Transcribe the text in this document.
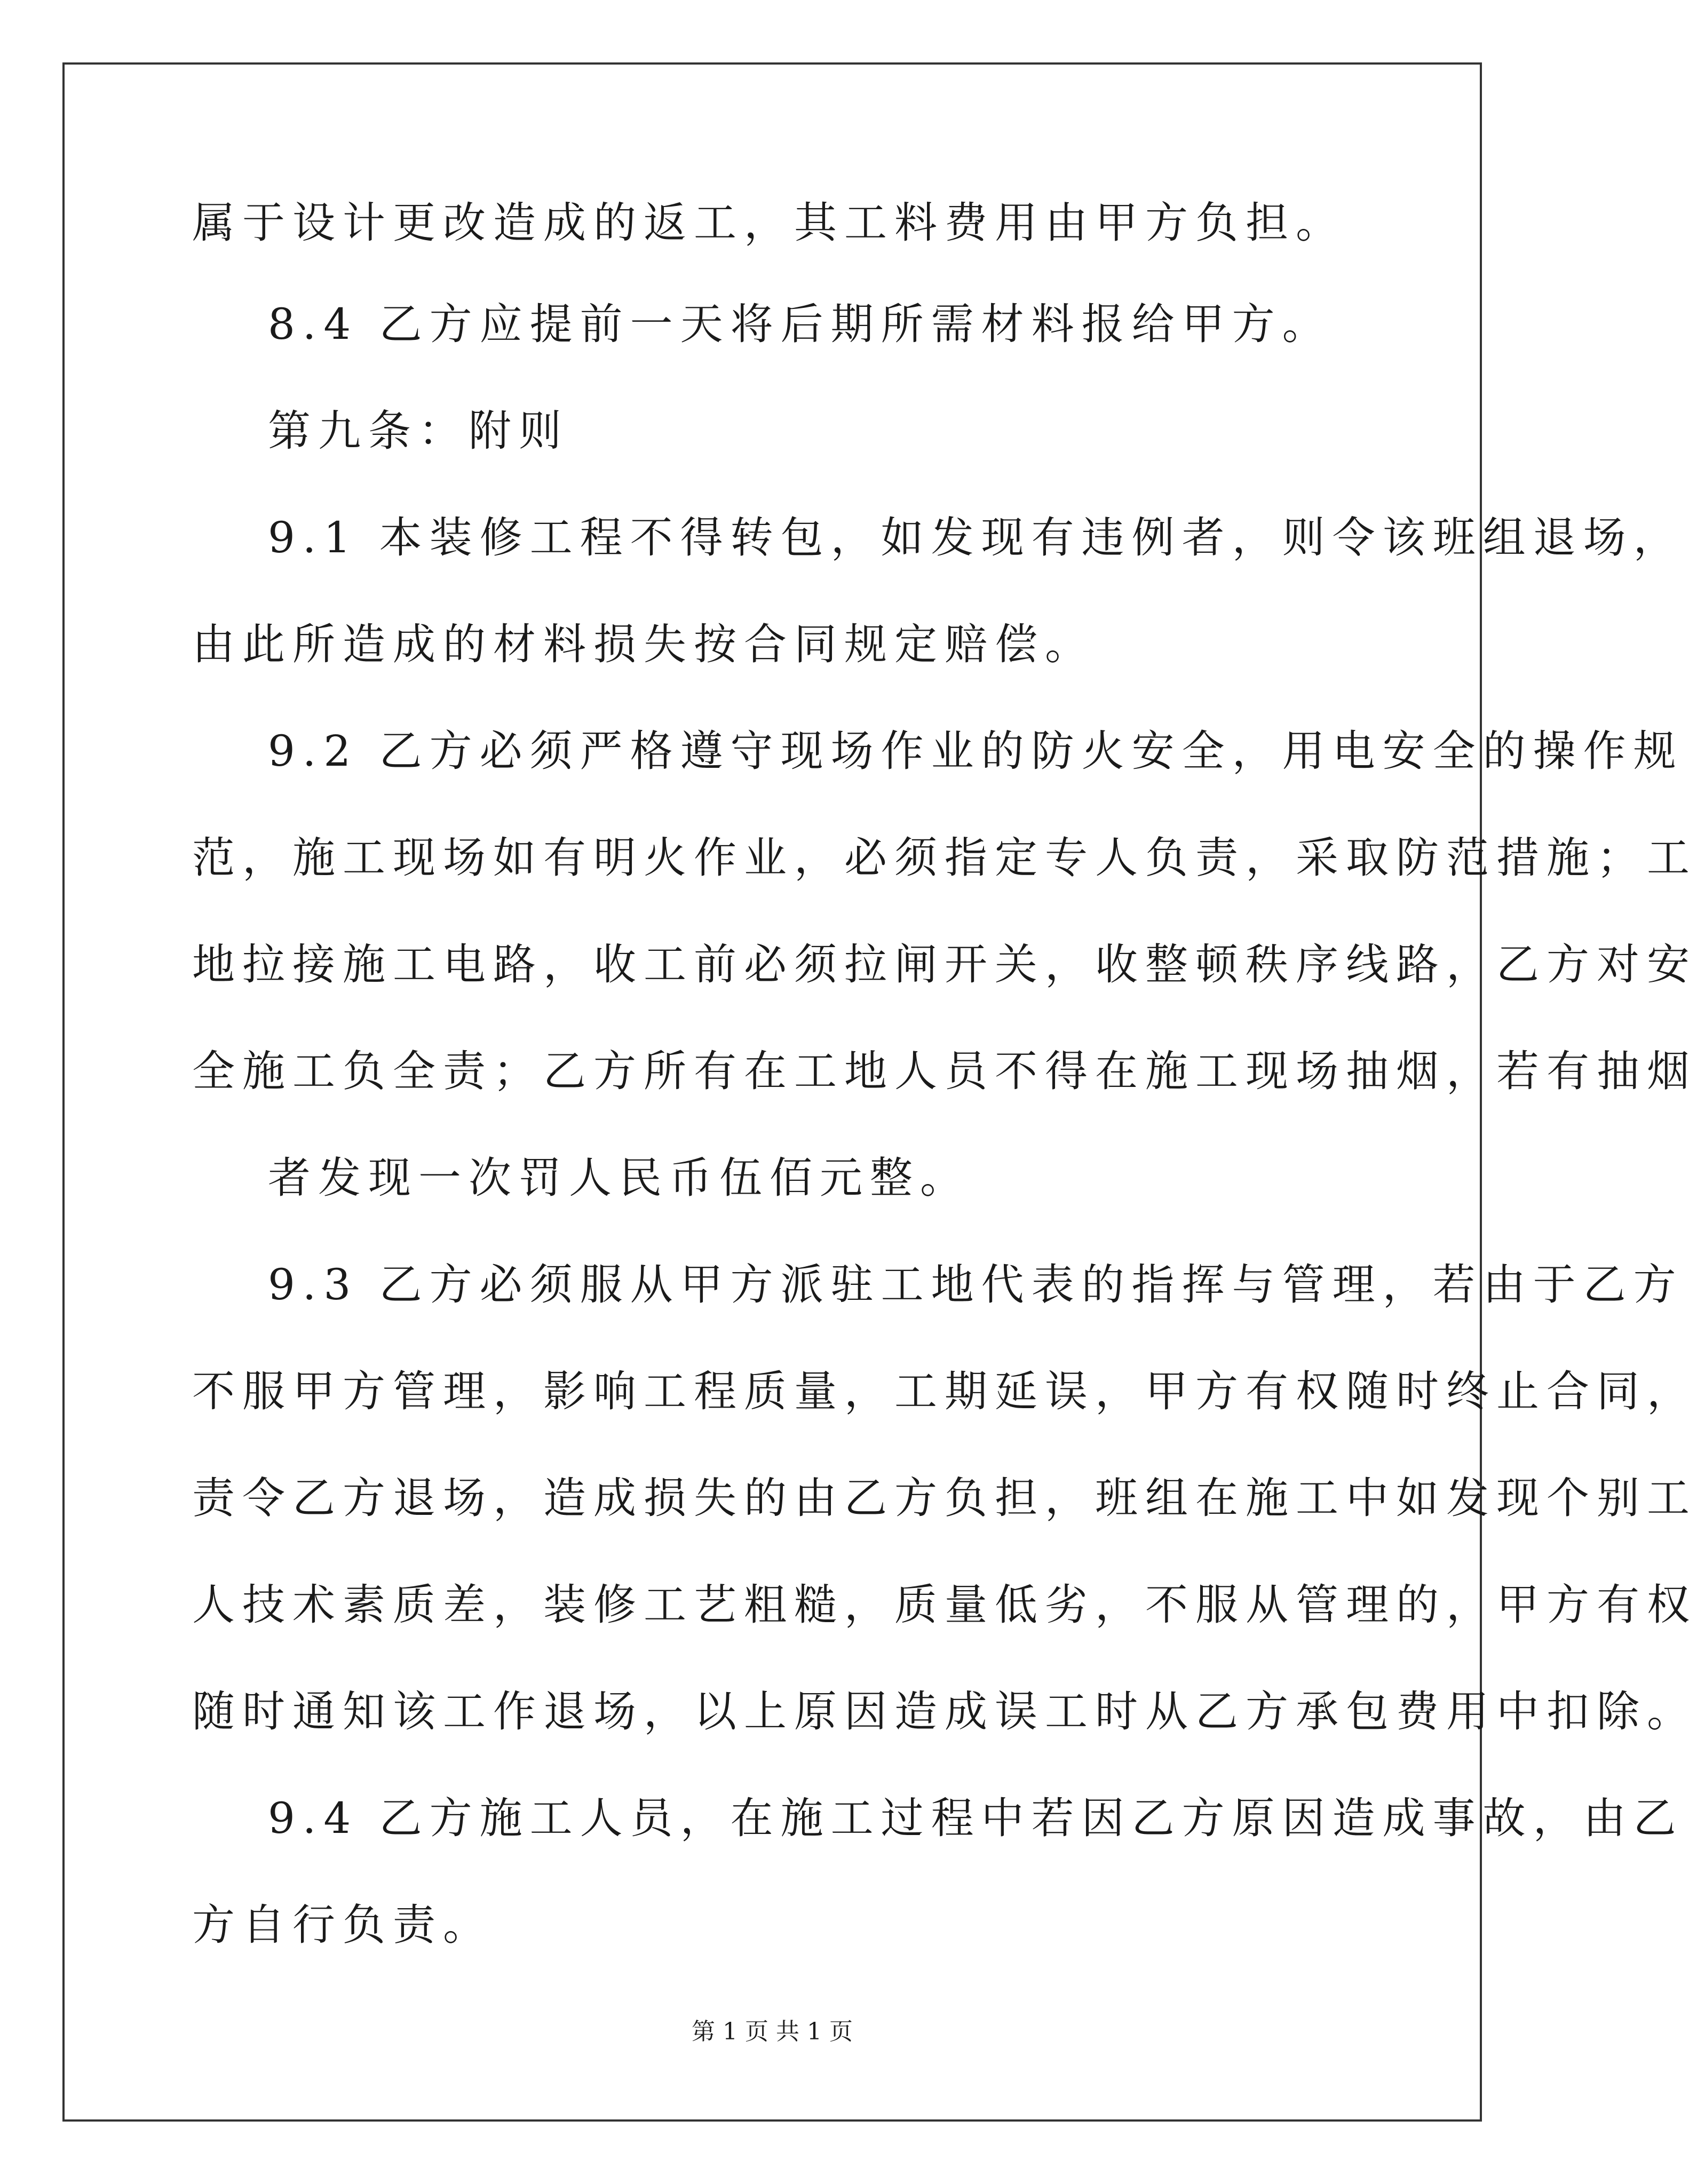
属于设计更改造成的返工，其工料费用由甲方负担。

8.4 乙方应提前一天将后期所需材料报给甲方。

第九条：附则

9.1 本装修工程不得转包，如发现有违例者，则令该班组退场，

由此所造成的材料损失按合同规定赔偿。

9.2 乙方必须严格遵守现场作业的防火安全，用电安全的操作规

范，施工现场如有明火作业，必须指定专人负责，采取防范措施；工

地拉接施工电路，收工前必须拉闸开关，收整顿秩序线路，乙方对安

全施工负全责；乙方所有在工地人员不得在施工现场抽烟，若有抽烟

者发现一次罚人民币伍佰元整。

9.3 乙方必须服从甲方派驻工地代表的指挥与管理，若由于乙方

不服甲方管理，影响工程质量，工期延误，甲方有权随时终止合同，

责令乙方退场，造成损失的由乙方负担，班组在施工中如发现个别工

人技术素质差，装修工艺粗糙，质量低劣，不服从管理的，甲方有权

随时通知该工作退场，以上原因造成误工时从乙方承包费用中扣除。

9.4 乙方施工人员，在施工过程中若因乙方原因造成事故，由乙

方自行负责。

第 1 页 共 1 页
